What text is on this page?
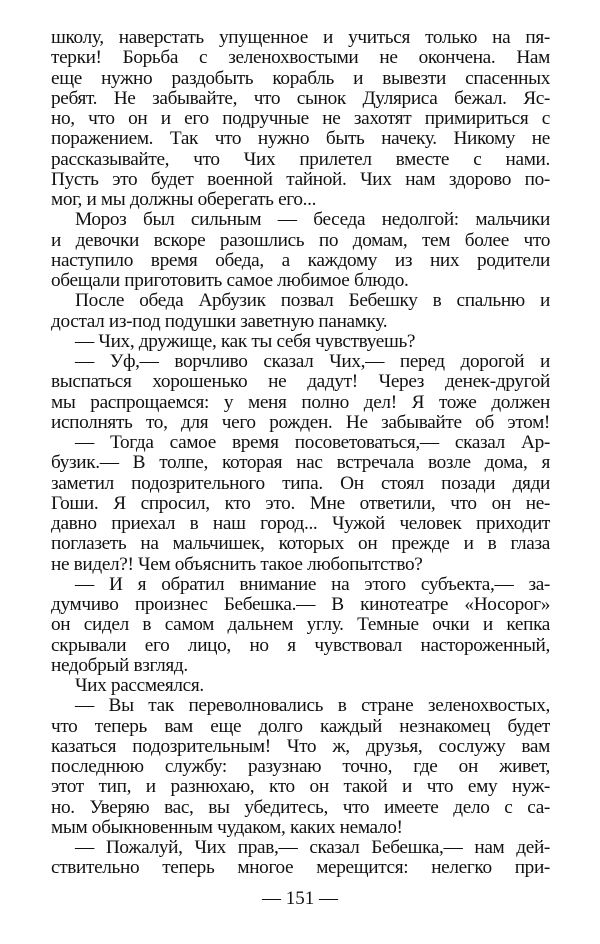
школу, наверстать упущенное и учиться только на пя-
терки! Борьба с зеленохвостыми не окончена. Нам
еще нужно раздобыть корабль и вывезти спасенных
ребят. Не забывайте, что сынок Дуляриса бежал. Яс-
но, что он и его подручные не захотят примириться с
поражением. Так что нужно быть начеку. Никому не
рассказывайте, что Чих прилетел вместе с нами.
Пусть это будет военной тайной. Чих нам здорово по-
мог, и мы должны оберегать его...
Мороз был сильным — беседа недолгой: мальчики
и девочки вскоре разошлись по домам, тем более что
наступило время обеда, а каждому из них родители
обещали приготовить самое любимое блюдо.
После обеда Арбузик позвал Бебешку в спальню и
достал из-под подушки заветную панамку.
— Чих, дружище, как ты себя чувствуешь?
— Уф,— ворчливо сказал Чих,— перед дорогой и
выспаться хорошенько не дадут! Через денек-другой
мы распрощаемся: у меня полно дел! Я тоже должен
исполнять то, для чего рожден. Не забывайте об этом!
— Тогда самое время посоветоваться,— сказал Ар-
бузик.— В толпе, которая нас встречала возле дома, я
заметил подозрительного типа. Он стоял позади дяди
Гоши. Я спросил, кто это. Мне ответили, что он не-
давно приехал в наш город... Чужой человек приходит
поглазеть на мальчишек, которых он прежде и в глаза
не видел?! Чем объяснить такое любопытство?
— И я обратил внимание на этого субъекта,— за-
думчиво произнес Бебешка.— В кинотеатре «Носорог»
он сидел в самом дальнем углу. Темные очки и кепка
скрывали его лицо, но я чувствовал настороженный,
недобрый взгляд.
Чих рассмеялся.
— Вы так переволновались в стране зеленохвостых,
что теперь вам еще долго каждый незнакомец будет
казаться подозрительным! Что ж, друзья, сослужу вам
последнюю службу: разузнаю точно, где он живет,
этот тип, и разнюхаю, кто он такой и что ему нуж-
но. Уверяю вас, вы убедитесь, что имеете дело с са-
мым обыкновенным чудаком, каких немало!
— Пожалуй, Чих прав,— сказал Бебешка,— нам дей-
ствительно теперь многое мерещится: нелегко при-
— 151 —
